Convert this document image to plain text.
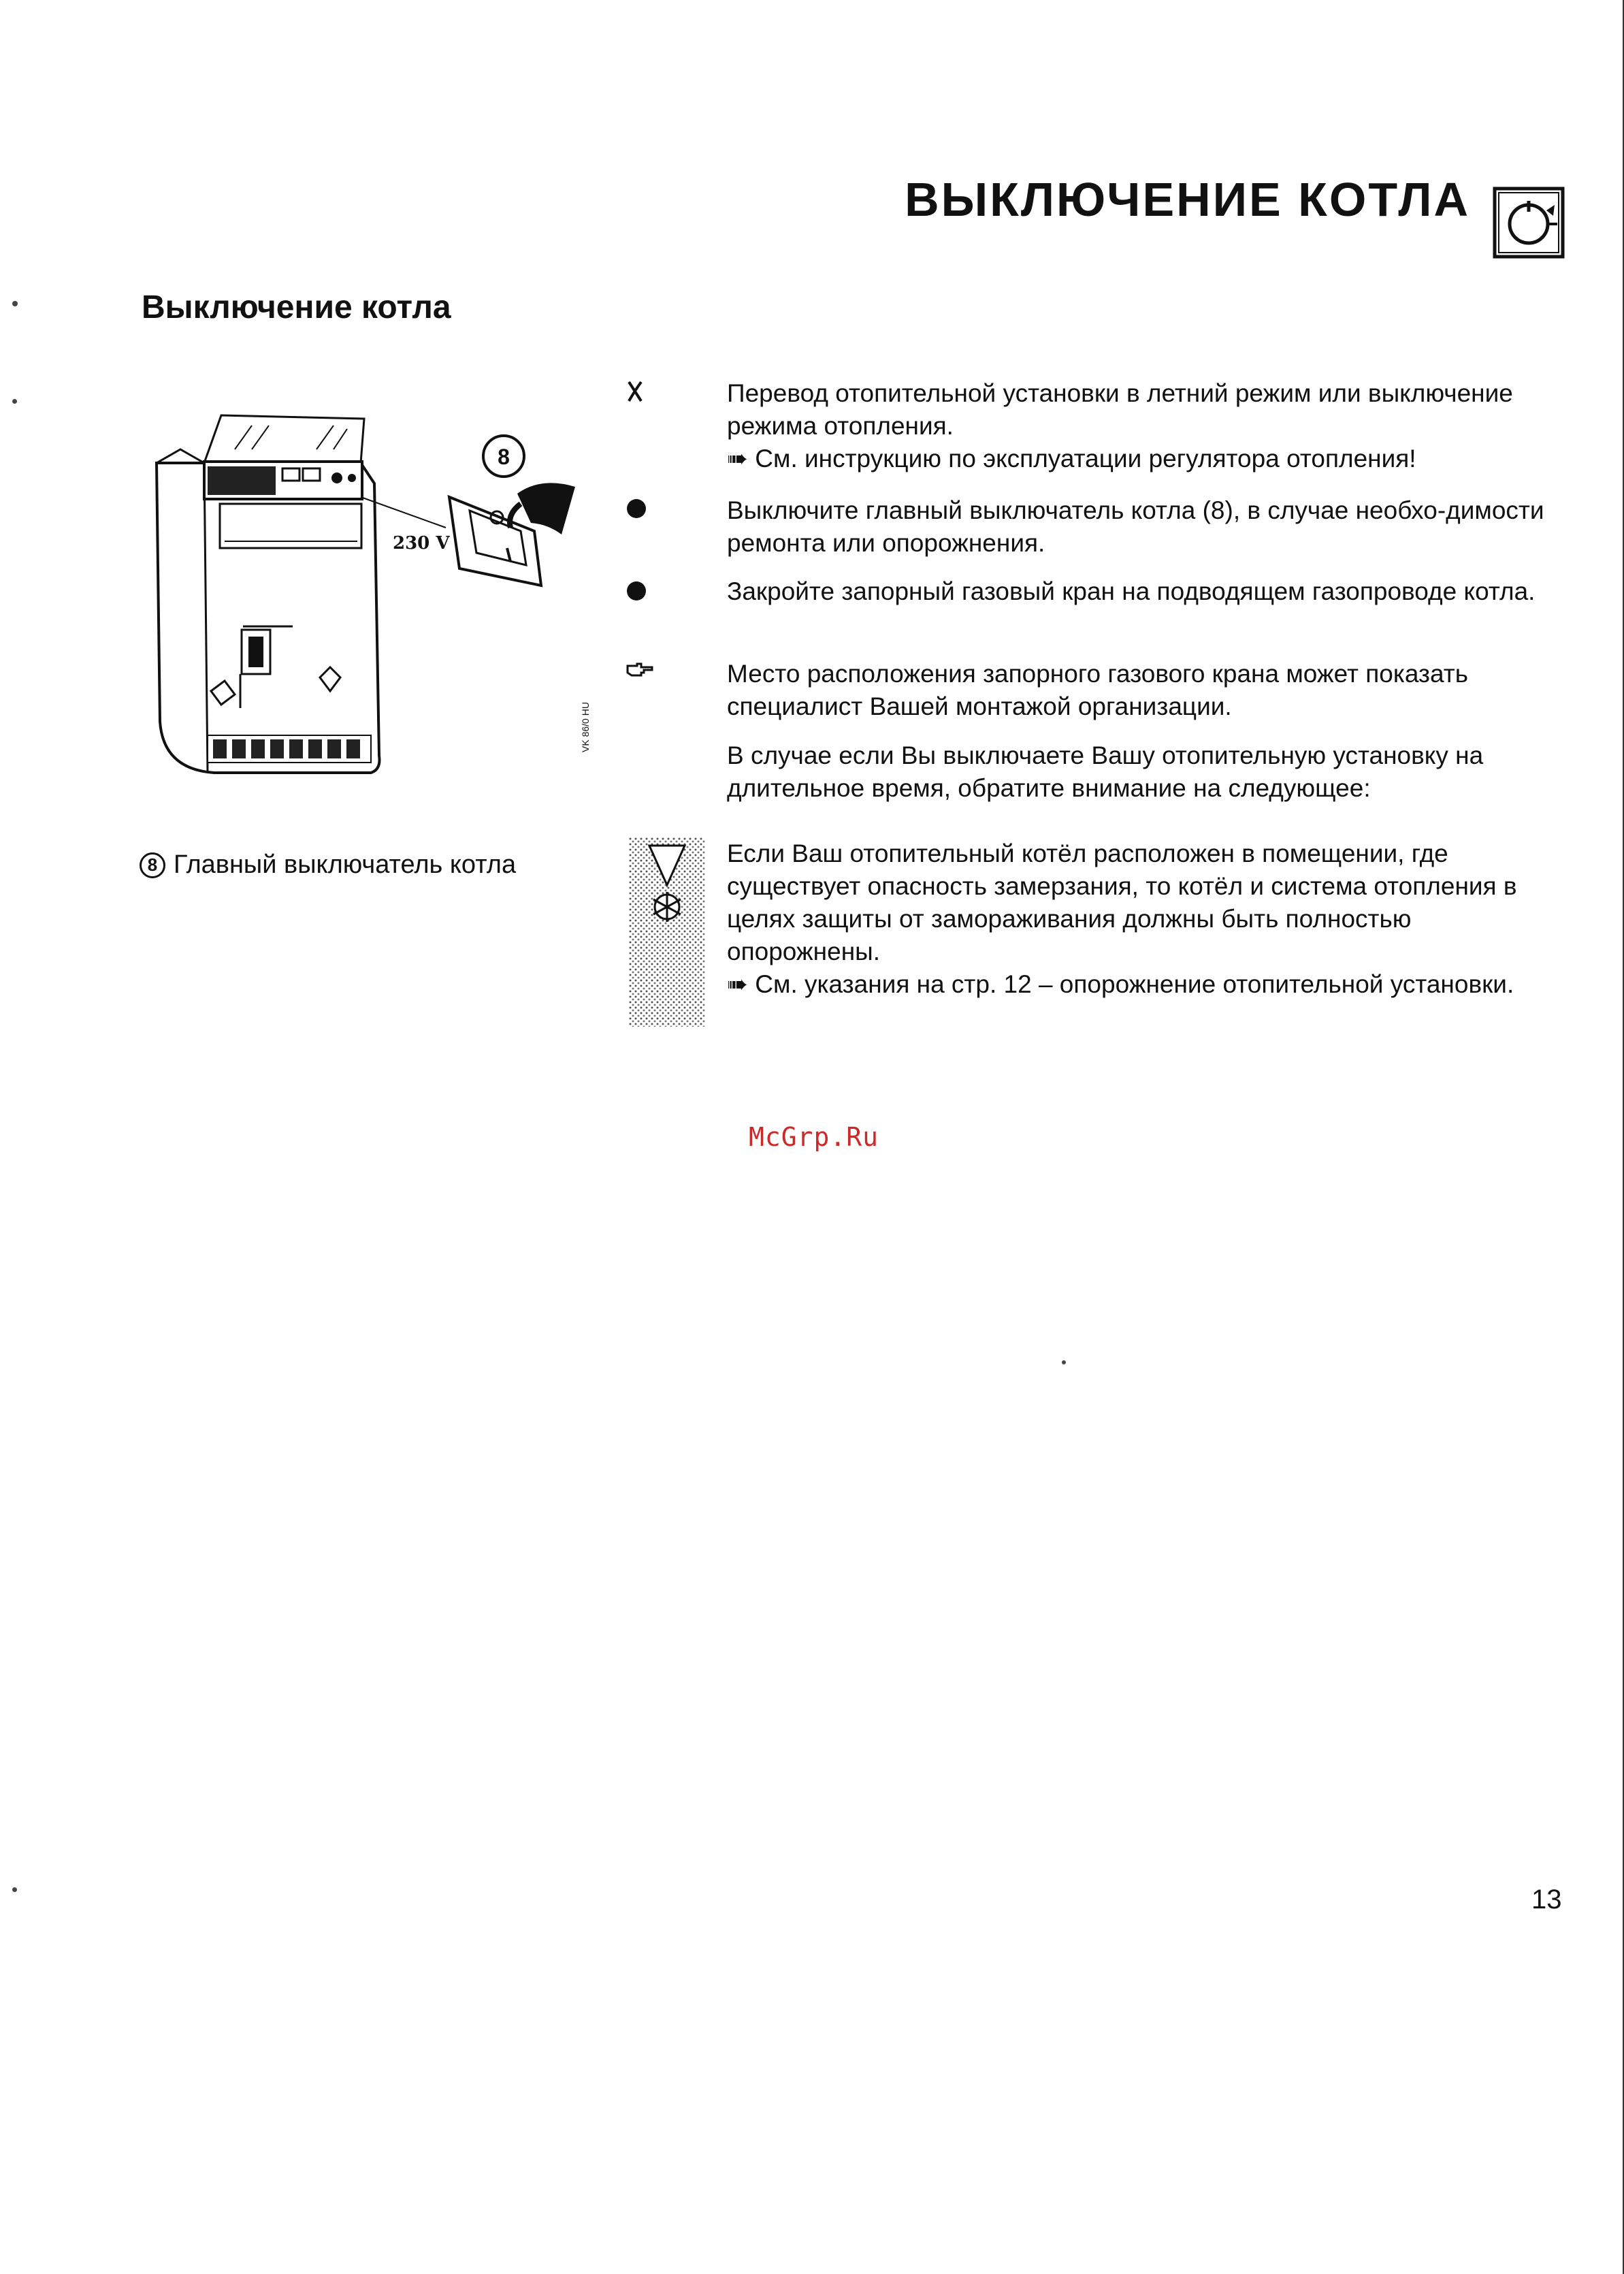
ВЫКЛЮЧЕНИЕ КОТЛА
Выключение котла
230 V
8
VK 86/0 HU
8 Главный выключатель котла
Перевод отопительной установки в летний режим или выключение режима отопления.
➠ См. инструкцию по эксплуатации регулятора отопления!
Выключите главный выключатель котла (8), в случае необхо-димости ремонта или опорожнения.
Закройте запорный газовый кран на подводящем газопроводе котла.
Место расположения запорного газового крана может показать специалист Вашей монтажой организации.
В случае если Вы выключаете Вашу отопительную установку на длительное время, обратите внимание на следующее:
Если Ваш отопительный котёл расположен в помещении, где существует опасность замерзания, то котёл и система отопления в целях защиты от замораживания должны быть полностью опорожнены.
➠ См. указания на стр. 12 – опорожнение отопительной установки.
McGrp.Ru
13
